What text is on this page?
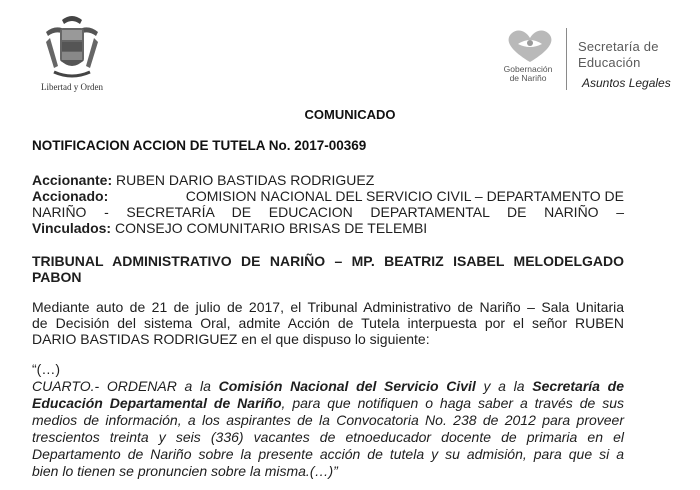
Libertad y Orden
Gobernación
de Nariño
Secretaría de
Educación
Asuntos Legales
COMUNICADO
NOTIFICACION ACCION DE TUTELA No. 2017-00369
Accionante: RUBEN DARIO BASTIDAS RODRIGUEZ
Accionado:	COMISION NACIONAL DEL SERVICIO CIVIL – DEPARTAMENTO DE
NARIÑO - SECRETARÍA DE EDUCACION DEPARTAMENTAL DE NARIÑO –
Vinculados: CONSEJO COMUNITARIO BRISAS DE TELEMBI
TRIBUNAL ADMINISTRATIVO DE NARIÑO – MP. BEATRIZ ISABEL MELODELGADO
PABON
Mediante auto de 21 de julio de 2017, el Tribunal Administrativo de Nariño – Sala Unitaria
de Decisión del sistema Oral, admite Acción de Tutela interpuesta por el señor RUBEN
DARIO BASTIDAS RODRIGUEZ en el que dispuso lo siguiente:
“(…)
CUARTO.- ORDENAR a la Comisión Nacional del Servicio Civil y a la Secretaría de
Educación Departamental de Nariño, para que notifiquen o haga saber a través de sus
medios de información, a los aspirantes de la Convocatoria No. 238 de 2012 para proveer
trescientos treinta y seis (336) vacantes de etnoeducador docente de primaria en el
Departamento de Nariño sobre la presente acción de tutela y su admisión, para que si a
bien lo tienen se pronuncien sobre la misma.(…)”
